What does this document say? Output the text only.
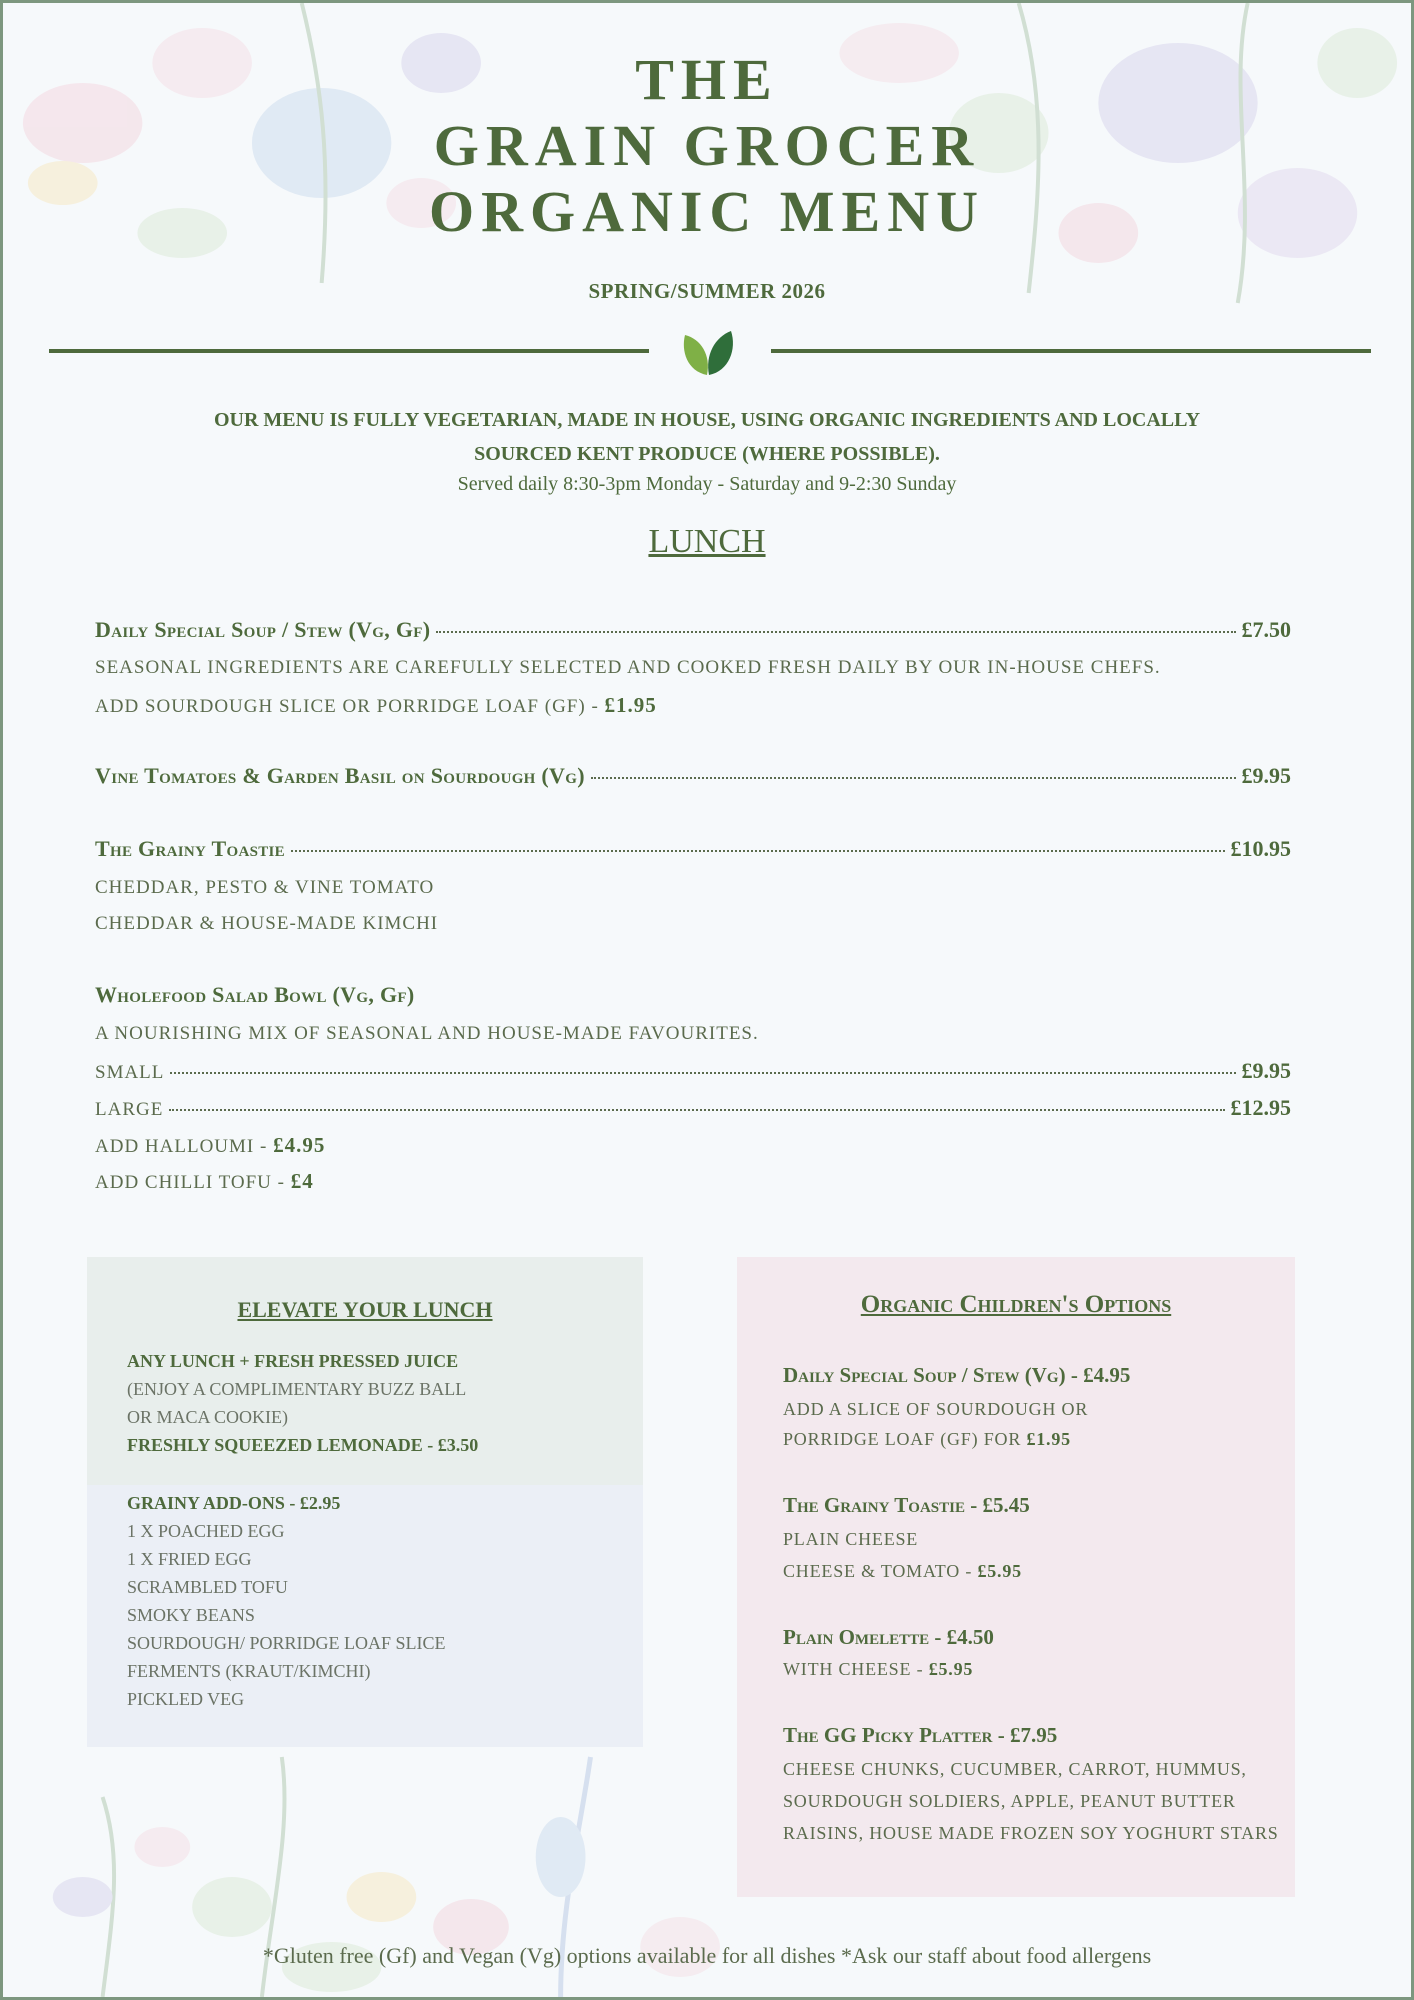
THE
GRAIN GROCER
ORGANIC MENU
SPRING/SUMMER 2026
OUR MENU IS FULLY VEGETARIAN, MADE IN HOUSE, USING ORGANIC INGREDIENTS AND LOCALLY
SOURCED KENT PRODUCE (WHERE POSSIBLE).
Served daily 8:30-3pm Monday - Saturday and 9-2:30 Sunday
LUNCH
Daily Special Soup / Stew (Vg, Gf)	£7.50
SEASONAL INGREDIENTS ARE CAREFULLY SELECTED AND COOKED FRESH DAILY BY OUR IN-HOUSE CHEFS.
ADD SOURDOUGH SLICE OR PORRIDGE LOAF (GF) - £1.95
Vine Tomatoes & Garden Basil on Sourdough (Vg)	£9.95
The Grainy Toastie	£10.95
CHEDDAR, PESTO & VINE TOMATO
CHEDDAR & HOUSE-MADE KIMCHI
Wholefood Salad Bowl (Vg, Gf)
A NOURISHING MIX OF SEASONAL AND HOUSE-MADE FAVOURITES.
SMALL	£9.95
LARGE	£12.95
ADD HALLOUMI - £4.95
ADD CHILLI TOFU - £4
ELEVATE YOUR LUNCH
ANY LUNCH + FRESH PRESSED JUICE
(ENJOY A COMPLIMENTARY BUZZ BALL
OR MACA COOKIE)
FRESHLY SQUEEZED LEMONADE - £3.50
GRAINY ADD-ONS - £2.95
1 X POACHED EGG
1 X FRIED EGG
SCRAMBLED TOFU
SMOKY BEANS
SOURDOUGH/ PORRIDGE LOAF SLICE
FERMENTS (KRAUT/KIMCHI)
PICKLED VEG
Organic Children's Options
Daily Special Soup / Stew (Vg) - £4.95
ADD A SLICE OF SOURDOUGH OR
PORRIDGE LOAF (GF) FOR £1.95
The Grainy Toastie - £5.45
PLAIN CHEESE
CHEESE & TOMATO - £5.95
Plain Omelette - £4.50
WITH CHEESE - £5.95
The GG Picky Platter - £7.95
CHEESE CHUNKS, CUCUMBER, CARROT, HUMMUS,
SOURDOUGH SOLDIERS, APPLE, PEANUT BUTTER
RAISINS, HOUSE MADE FROZEN SOY YOGHURT STARS
*Gluten free (Gf) and Vegan (Vg) options available for all dishes *Ask our staff about food allergens
